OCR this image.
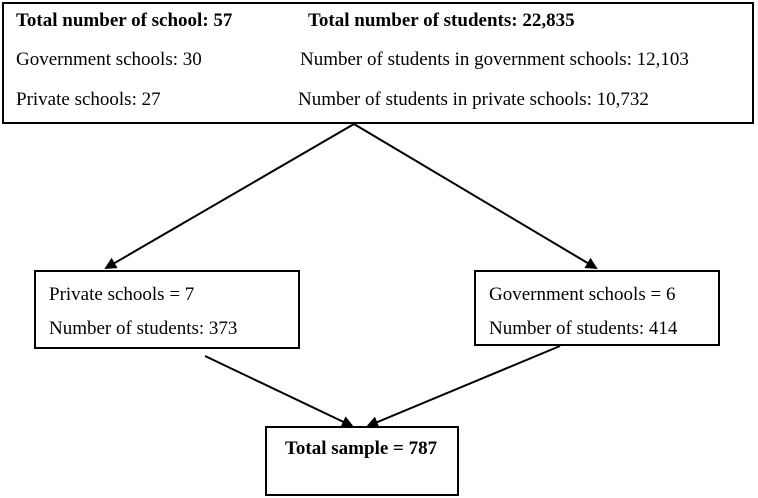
Total number of school: 57	Total number of students: 22,835
Government schools: 30	Number of students in government schools: 12,103
Private schools: 27	Number of students in private schools: 10,732
Private schools = 7
Number of students: 373
Government schools = 6
Number of students: 414
Total sample = 787
